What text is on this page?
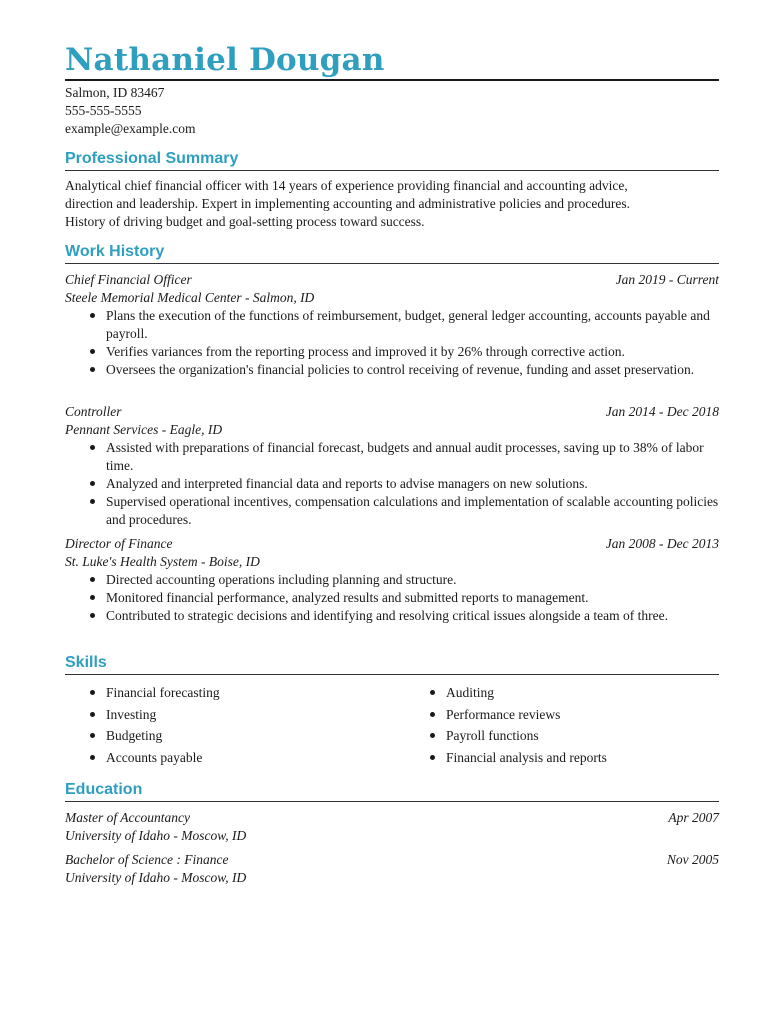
Nathaniel Dougan
Salmon, ID 83467
555-555-5555
example@example.com
Professional Summary
Analytical chief financial officer with 14 years of experience providing financial and accounting advice,
direction and leadership. Expert in implementing accounting and administrative policies and procedures.
History of driving budget and goal-setting process toward success.
Work History
Chief Financial Officer	Jan 2019 - Current
Steele Memorial Medical Center - Salmon, ID
Plans the execution of the functions of reimbursement, budget, general ledger accounting, accounts payable and payroll.
Verifies variances from the reporting process and improved it by 26% through corrective action.
Oversees the organization's financial policies to control receiving of revenue, funding and asset preservation.
Controller	Jan 2014 - Dec 2018
Pennant Services - Eagle, ID
Assisted with preparations of financial forecast, budgets and annual audit processes, saving up to 38% of labor time.
Analyzed and interpreted financial data and reports to advise managers on new solutions.
Supervised operational incentives, compensation calculations and implementation of scalable accounting policies and procedures.
Director of Finance	Jan 2008 - Dec 2013
St. Luke's Health System - Boise, ID
Directed accounting operations including planning and structure.
Monitored financial performance, analyzed results and submitted reports to management.
Contributed to strategic decisions and identifying and resolving critical issues alongside a team of three.
Skills
Financial forecasting
Investing
Budgeting
Accounts payable
Auditing
Performance reviews
Payroll functions
Financial analysis and reports
Education
Master of Accountancy	Apr 2007
University of Idaho - Moscow, ID
Bachelor of Science : Finance	Nov 2005
University of Idaho - Moscow, ID
